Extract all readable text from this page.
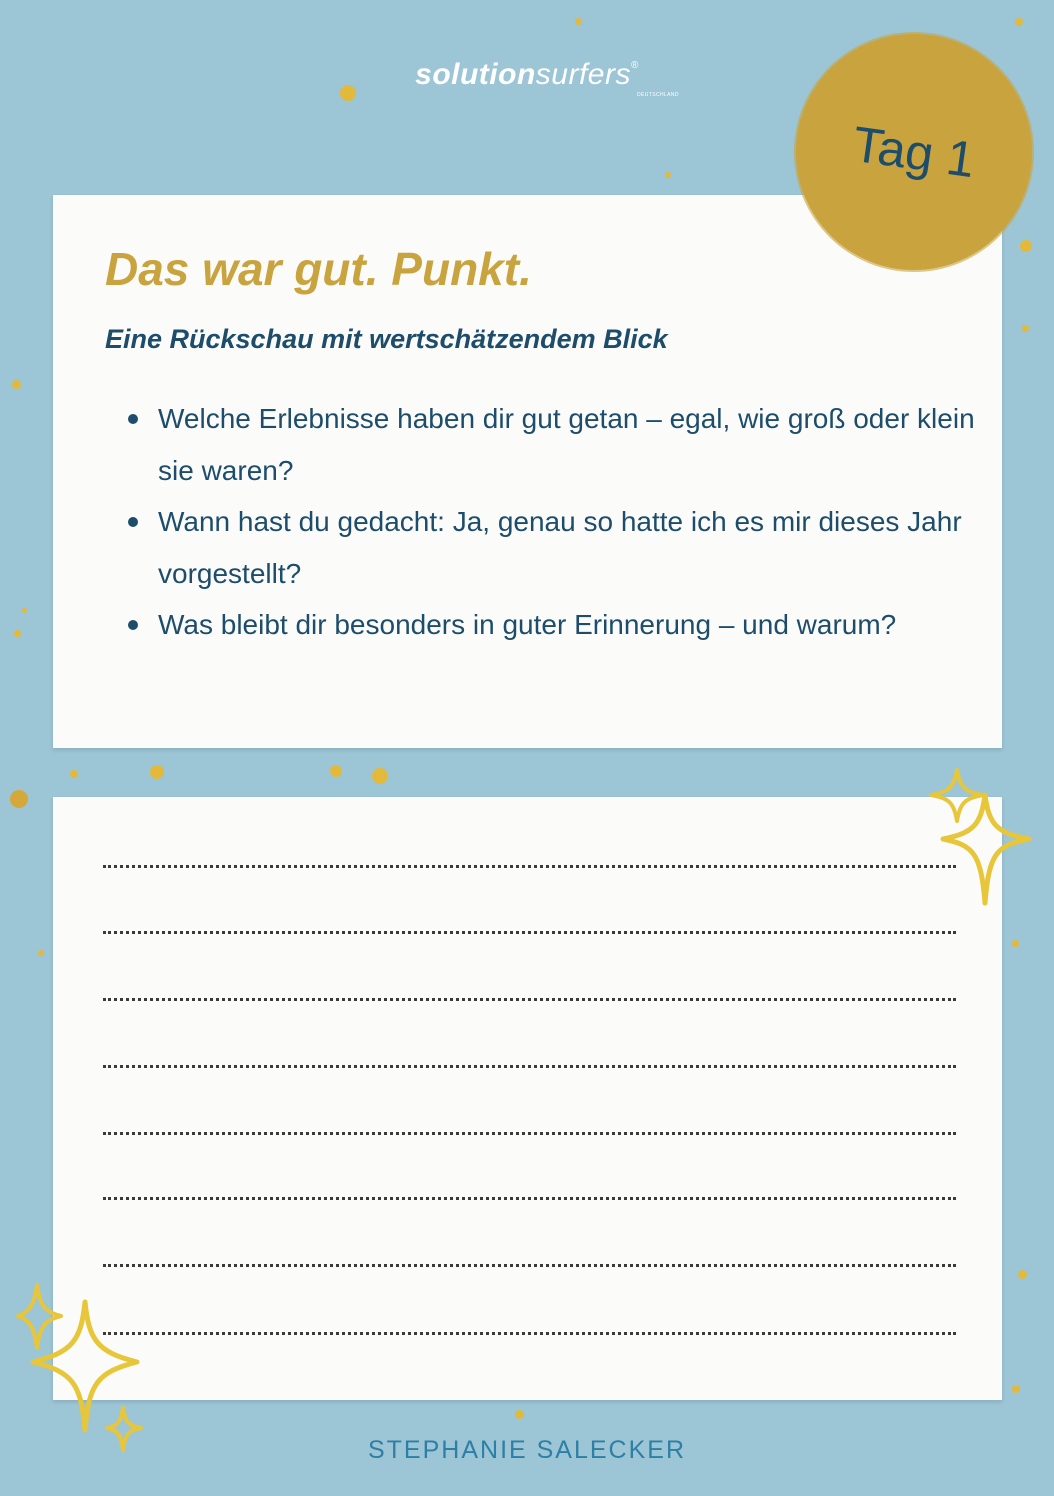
solutionsurfers®
DEUTSCHLAND
Das war gut. Punkt.
Eine Rückschau mit wertschätzendem Blick
Welche Erlebnisse haben dir gut getan – egal, wie groß oder klein sie waren?
Wann hast du gedacht: Ja, genau so hatte ich es mir dieses Jahr vorgestellt?
Was bleibt dir besonders in guter Erinnerung – und warum?
Tag 1
STEPHANIE SALECKER
